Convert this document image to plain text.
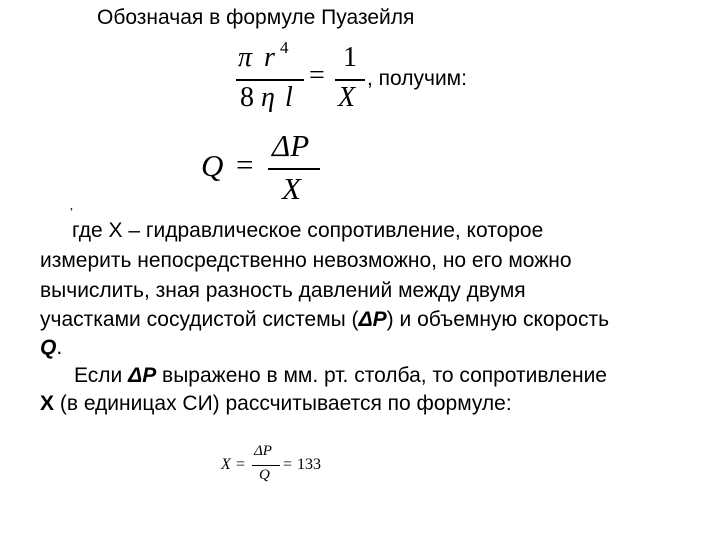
Обозначая в формуле Пуазейля
π r 4
8 η l
=
1
X
, получим:
Q =
ΔP
X
,
где X – гидравлическое сопротивление, которое
измерить непосредственно невозможно, но его можно
вычислить, зная разность давлений между двумя
участками сосудистой системы (ΔP) и объемную скорость
Q.
Если ΔP выражено в мм. рт. столба, то сопротивление
X (в единицах СИ) рассчитывается по формуле:
X =
ΔP
Q
= 133
